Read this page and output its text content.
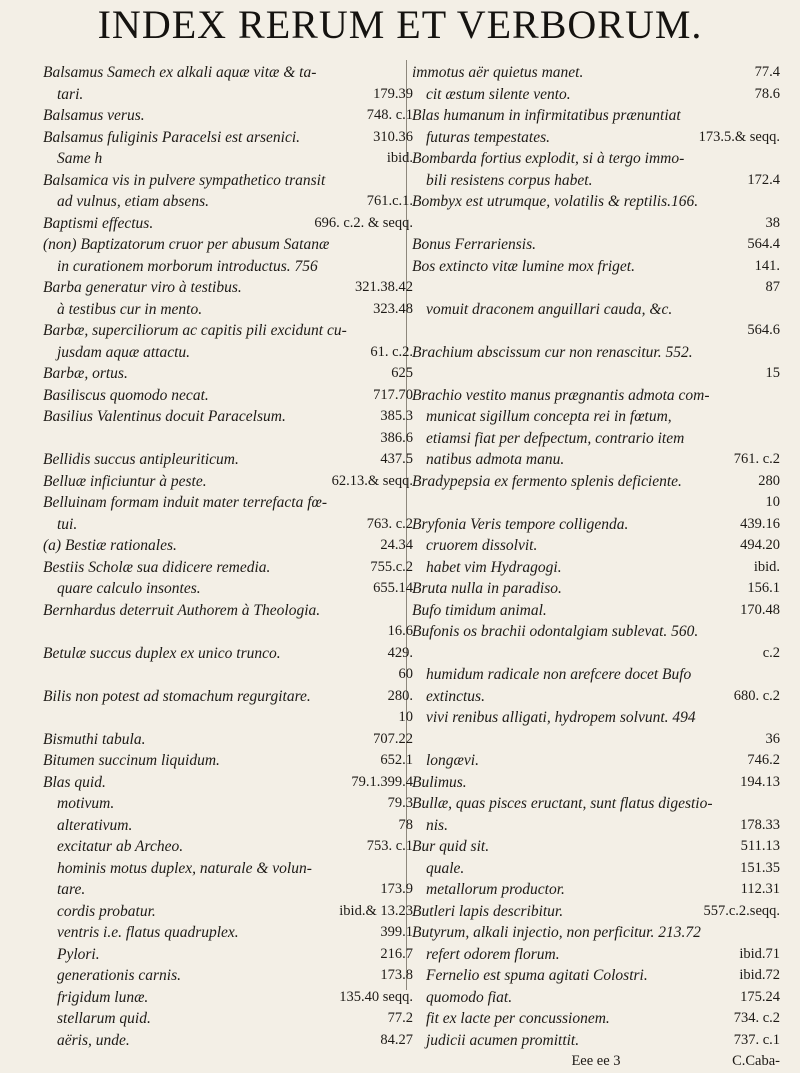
INDEX RERUM ET VERBORUM.
Balsamus Samech ex alkali aquæ vitæ & ta-
tari.	179.39
Balsamus verus.	748. c.1
Balsamus fuliginis Paracelsi est arsenici.	310.36
Same h	ibid.
Balsamica vis in pulvere sympathetico transit
ad vulnus, etiam absens.	761.c.1.
Baptismi effectus.	696. c.2. & seqq.
(non) Baptizatorum cruor per abusum Satanæ
in curationem morborum introductus. 756
Barba generatur viro à testibus.	321.38.42
à testibus cur in mento.	323.48
Barbæ, superciliorum ac capitis pili excidunt cu-
jusdam aquæ attactu.	61. c.2.
Barbæ, ortus.	625
Basiliscus quomodo necat.	717.70
Basilius Valentinus docuit Paracelsum.	385.3
386.6
Bellidis succus antipleuriticum.	437.5
Belluæ inficiuntur à peste.	62.13.& seqq.
Belluinam formam induit mater terrefacta fœ-
tui.	763. c.2
(a) Bestiæ rationales.	24.34
Bestiis Scholæ sua didicere remedia.	755.c.2
quare calculo insontes.	655.14
Bernhardus deterruit Authorem à Theologia.
16.6
Betulæ succus duplex ex unico trunco.	429.
60
Bilis non potest ad stomachum regurgitare.	280.
10
Bismuthi tabula.	707.22
Bitumen succinum liquidum.	652.1
Blas quid.	79.1.399.4
motivum.	79.3
alterativum.	78
excitatur ab Archeo.	753. c.1
hominis motus duplex, naturale & volun-
tare.	173.9
cordis probatur.	ibid.& 13.23
ventris i.e. flatus quadruplex.	399.1
Pylori.	216.7
generationis carnis.	173.8
frigidum lunæ.	135.40 seqq.
stellarum quid.	77.2
aëris, unde.	84.27
immotus aër quietus manet.	77.4
cit æstum silente vento.	78.6
Blas humanum in infirmitatibus prænuntiat
futuras tempestates.	173.5.& seqq.
Bombarda fortius explodit, si à tergo immo-
bili resistens corpus habet.	172.4
Bombyx est utrumque, volatilis & reptilis.166.
38
Bonus Ferrariensis.	564.4
Bos extincto vitæ lumine mox friget.	141.
87
vomuit draconem anguillari cauda, &c.
564.6
Brachium abscissum cur non renascitur. 552.
15
Brachio vestito manus prægnantis admota com-
municat sigillum concepta rei in fœtum,
etiamsi fiat per defpectum, contrario item
natibus admota manu.	761. c.2
Bradypepsia ex fermento splenis deficiente.	280
10
Bryfonia Veris tempore colligenda.	439.16
cruorem dissolvit.	494.20
habet vim Hydragogi.	ibid.
Bruta nulla in paradiso.	156.1
Bufo timidum animal.	170.48
Bufonis os brachii odontalgiam sublevat. 560.
c.2
humidum radicale non arefcere docet Bufo
extinctus.	680. c.2
vivi renibus alligati, hydropem solvunt. 494
36
longævi.	746.2
Bulimus.	194.13
Bullæ, quas pisces eructant, sunt flatus digestio-
nis.	178.33
Bur quid sit.	511.13
quale.	151.35
metallorum productor.	112.31
Butleri lapis describitur.	557.c.2.seqq.
Butyrum, alkali injectio, non perficitur. 213.72
refert odorem florum.	ibid.71
Fernelio est spuma agitati Colostri.	ibid.72
quomodo fiat.	175.24
fit ex lacte per concussionem.	734. c.2
judicii acumen promittit.	737. c.1
Eee ee 3	C.Caba-
